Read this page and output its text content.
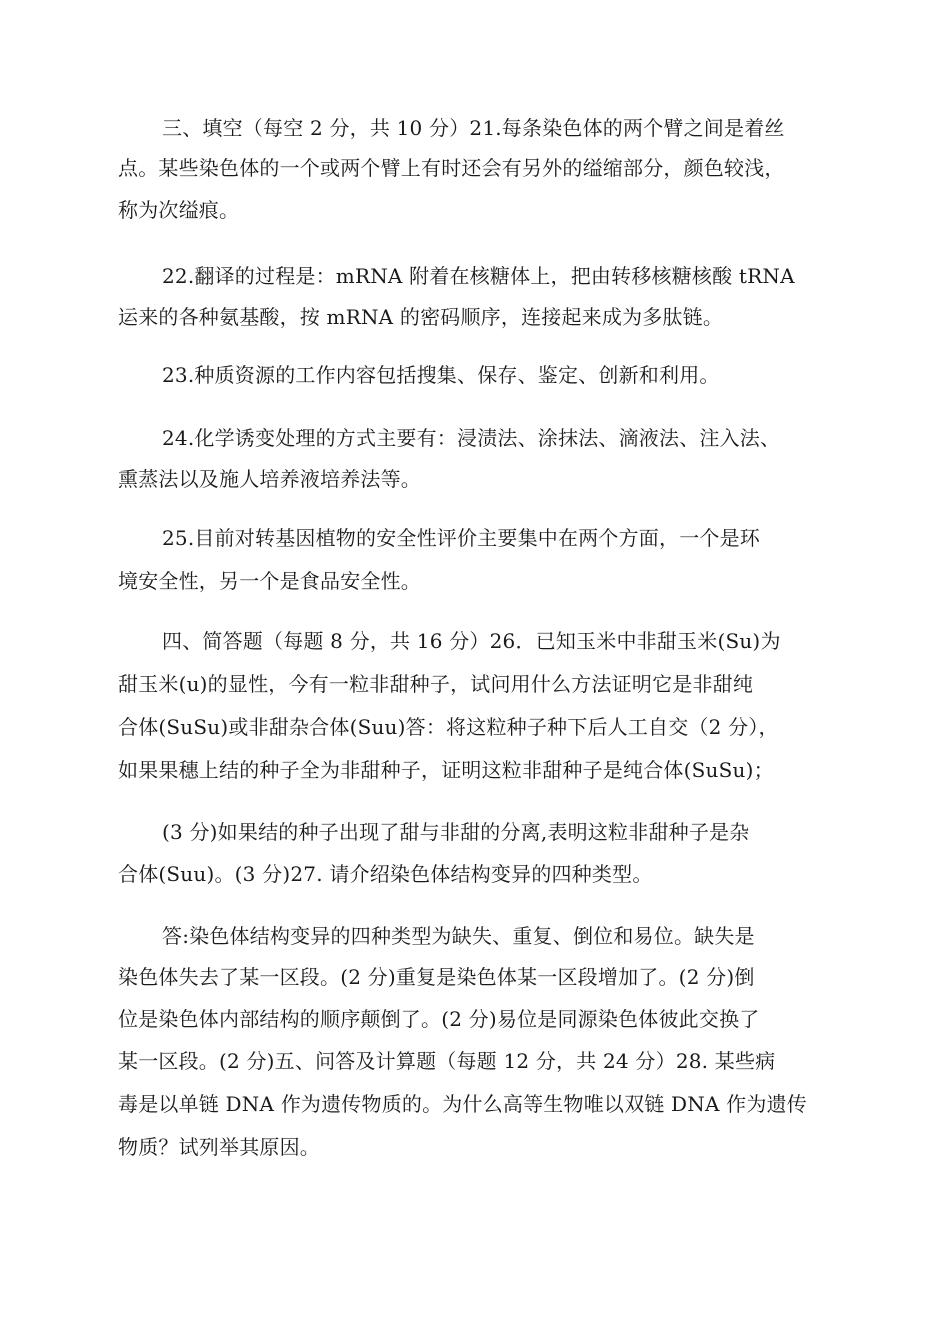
三、填空（每空 2 分，共 10 分）21.每条染色体的两个臂之间是着丝
点。某些染色体的一个或两个臂上有时还会有另外的缢缩部分，颜色较浅，
称为次缢痕。
22.翻译的过程是：mRNA 附着在核糖体上，把由转移核糖核酸 tRNA
运来的各种氨基酸，按 mRNA 的密码顺序，连接起来成为多肽链。
23.种质资源的工作内容包括搜集、保存、鉴定、创新和利用。
24.化学诱变处理的方式主要有：浸渍法、涂抹法、滴液法、注入法、
熏蒸法以及施人培养液培养法等。
25.目前对转基因植物的安全性评价主要集中在两个方面，一个是环
境安全性，另一个是食品安全性。
四、简答题（每题 8 分，共 16 分）26．已知玉米中非甜玉米(Su)为
甜玉米(u)的显性，今有一粒非甜种子，试问用什么方法证明它是非甜纯
合体(SuSu)或非甜杂合体(Suu)答：将这粒种子种下后人工自交（2 分），
如果果穗上结的种子全为非甜种子，证明这粒非甜种子是纯合体(SuSu)；
(3 分)如果结的种子出现了甜与非甜的分离,表明这粒非甜种子是杂
合体(Suu)。(3 分)27. 请介绍染色体结构变异的四种类型。
答:染色体结构变异的四种类型为缺失、重复、倒位和易位。缺失是
染色体失去了某一区段。(2 分)重复是染色体某一区段增加了。(2 分)倒
位是染色体内部结构的顺序颠倒了。(2 分)易位是同源染色体彼此交换了
某一区段。(2 分)五、问答及计算题（每题 12 分，共 24 分）28. 某些病
毒是以单链 DNA 作为遗传物质的。为什么高等生物唯以双链 DNA 作为遗传
物质？试列举其原因。
